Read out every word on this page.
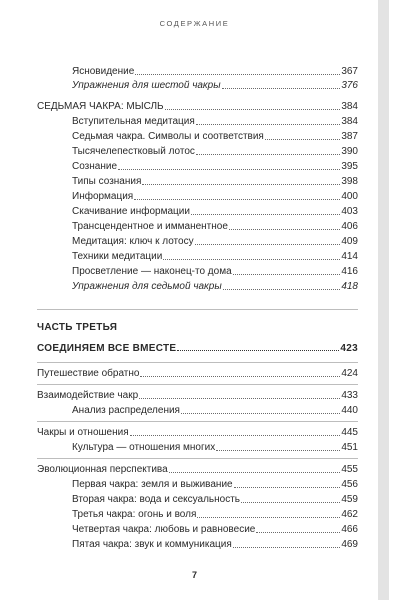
СОДЕРЖАНИЕ
Ясновидение	367
Упражнения для шестой чакры	376
СЕДЬМАЯ ЧАКРА: МЫСЛЬ	384
Вступительная медитация	384
Седьмая чакра. Символы и соответствия	387
Тысячелепестковый лотос	390
Сознание	395
Типы сознания	398
Информация	400
Скачивание информации	403
Трансцендентное и имманентное	406
Медитация: ключ к лотосу	409
Техники медитации	414
Просветление — наконец-то дома	416
Упражнения для седьмой чакры	418
ЧАСТЬ ТРЕТЬЯ
СОЕДИНЯЕМ ВСЕ ВМЕСТЕ	423
Путешествие обратно	424
Взаимодействие чакр	433
Анализ распределения	440
Чакры и отношения	445
Культура — отношения многих	451
Эволюционная перспектива	455
Первая чакра: земля и выживание	456
Вторая чакра: вода и сексуальность	459
Третья чакра: огонь и воля	462
Четвертая чакра: любовь и равновесие	466
Пятая чакра: звук и коммуникация	469
7
